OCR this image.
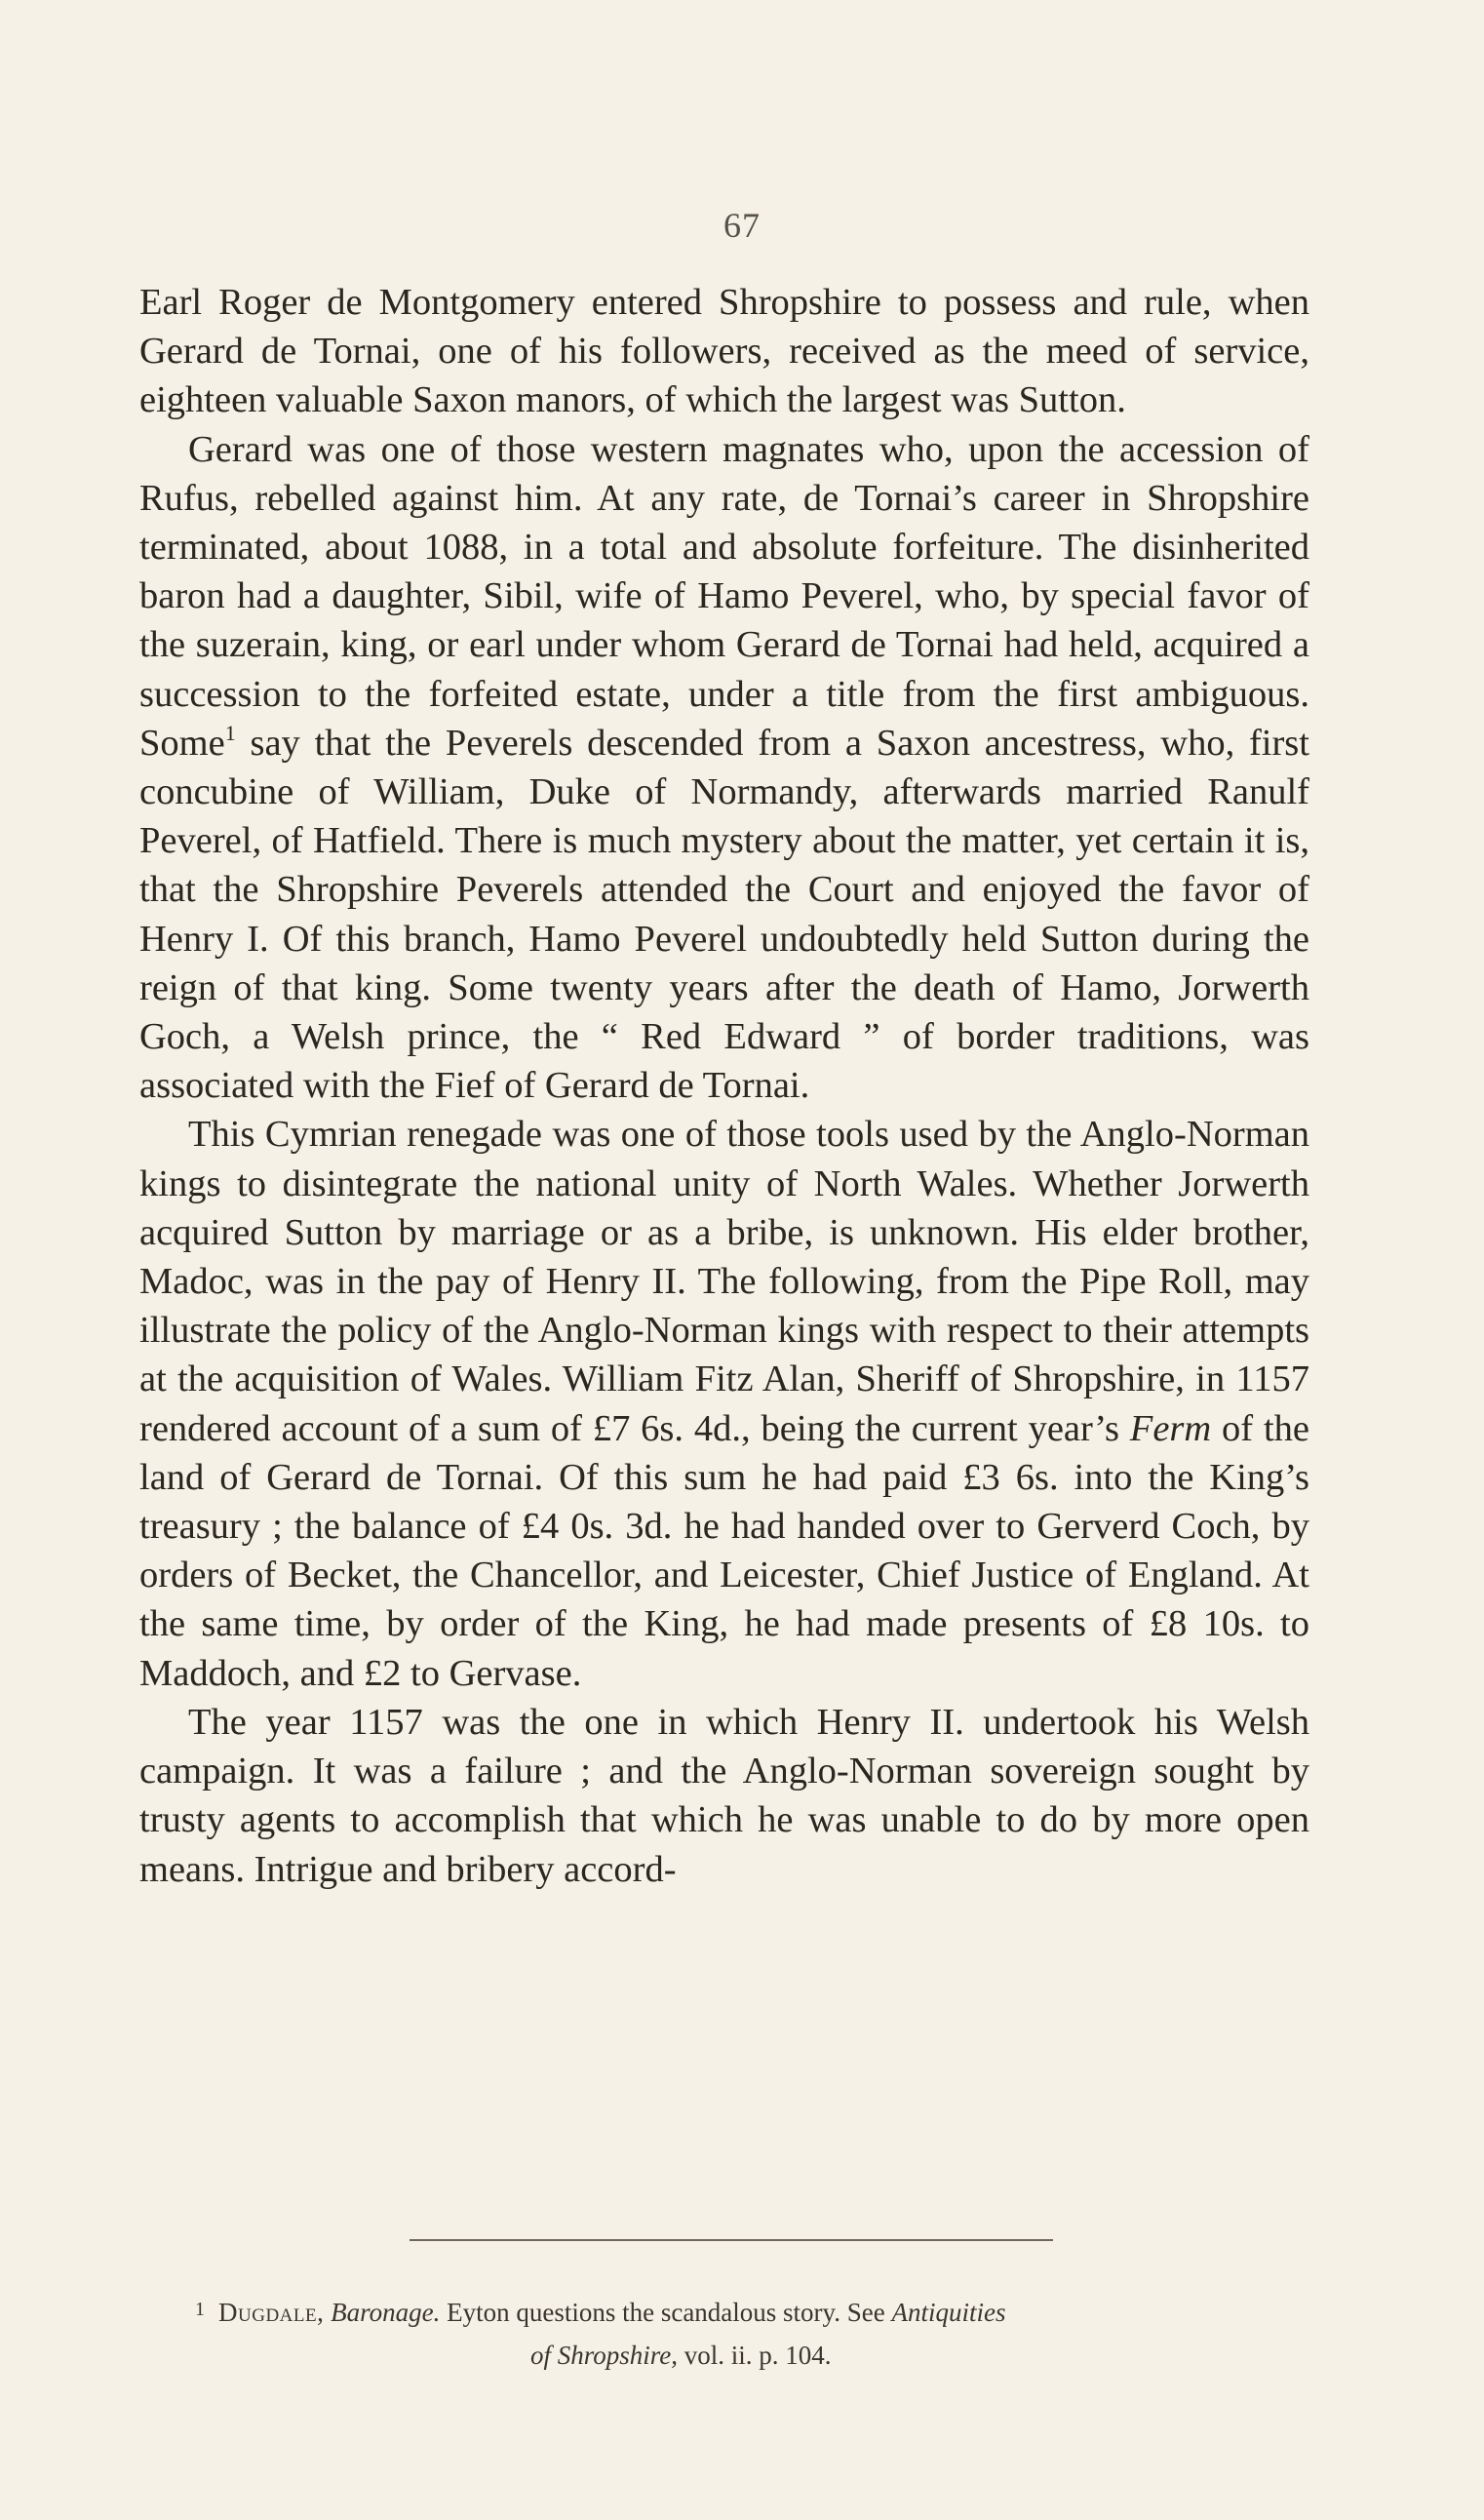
67

Earl Roger de Montgomery entered Shropshire to possess and rule, when Gerard de Tornai, one of his followers, received as the meed of service, eighteen valuable Saxon manors, of which the largest was Sutton.

Gerard was one of those western magnates who, upon the accession of Rufus, rebelled against him. At any rate, de Tornai’s career in Shropshire terminated, about 1088, in a total and absolute forfeiture. The disinherited baron had a daughter, Sibil, wife of Hamo Peverel, who, by special favor of the suzerain, king, or earl under whom Gerard de Tornai had held, acquired a succession to the forfeited estate, under a title from the first ambiguous. Some$^1$ say that the Peverels descended from a Saxon ancestress, who, first concubine of William, Duke of Normandy, afterwards married Ranulf Peverel, of Hatfield. There is much mystery about the matter, yet certain it is, that the Shropshire Peverels attended the Court and enjoyed the favor of Henry I. Of this branch, Hamo Peverel undoubtedly held Sutton during the reign of that king. Some twenty years after the death of Hamo, Jorwerth Goch, a Welsh prince, the “ Red Edward ” of border traditions, was associated with the Fief of Gerard de Tornai.

This Cymrian renegade was one of those tools used by the Anglo-Norman kings to disintegrate the national unity of North Wales. Whether Jorwerth acquired Sutton by marriage or as a bribe, is unknown. His elder brother, Madoc, was in the pay of Henry II. The following, from the Pipe Roll, may illustrate the policy of the Anglo-Norman kings with respect to their attempts at the acquisition of Wales. William Fitz Alan, Sheriff of Shropshire, in 1157 rendered account of a sum of £7 6s. 4d., being the current year’s Ferm of the land of Gerard de Tornai. Of this sum he had paid £3 6s. into the King’s treasury ; the balance of £4 0s. 3d. he had handed over to Gerverd Coch, by orders of Becket, the Chancellor, and Leicester, Chief Justice of England. At the same time, by order of the King, he had made presents of £8 10s. to Maddoch, and £2 to Gervase.

The year 1157 was the one in which Henry II. undertook his Welsh campaign. It was a failure ; and the Anglo-Norman sovereign sought by trusty agents to accomplish that which he was unable to do by more open means. Intrigue and bribery accord-

$^1$ Dugdale, Baronage. Eyton questions the scandalous story. See Antiquities
of Shropshire, vol. ii. p. 104.
